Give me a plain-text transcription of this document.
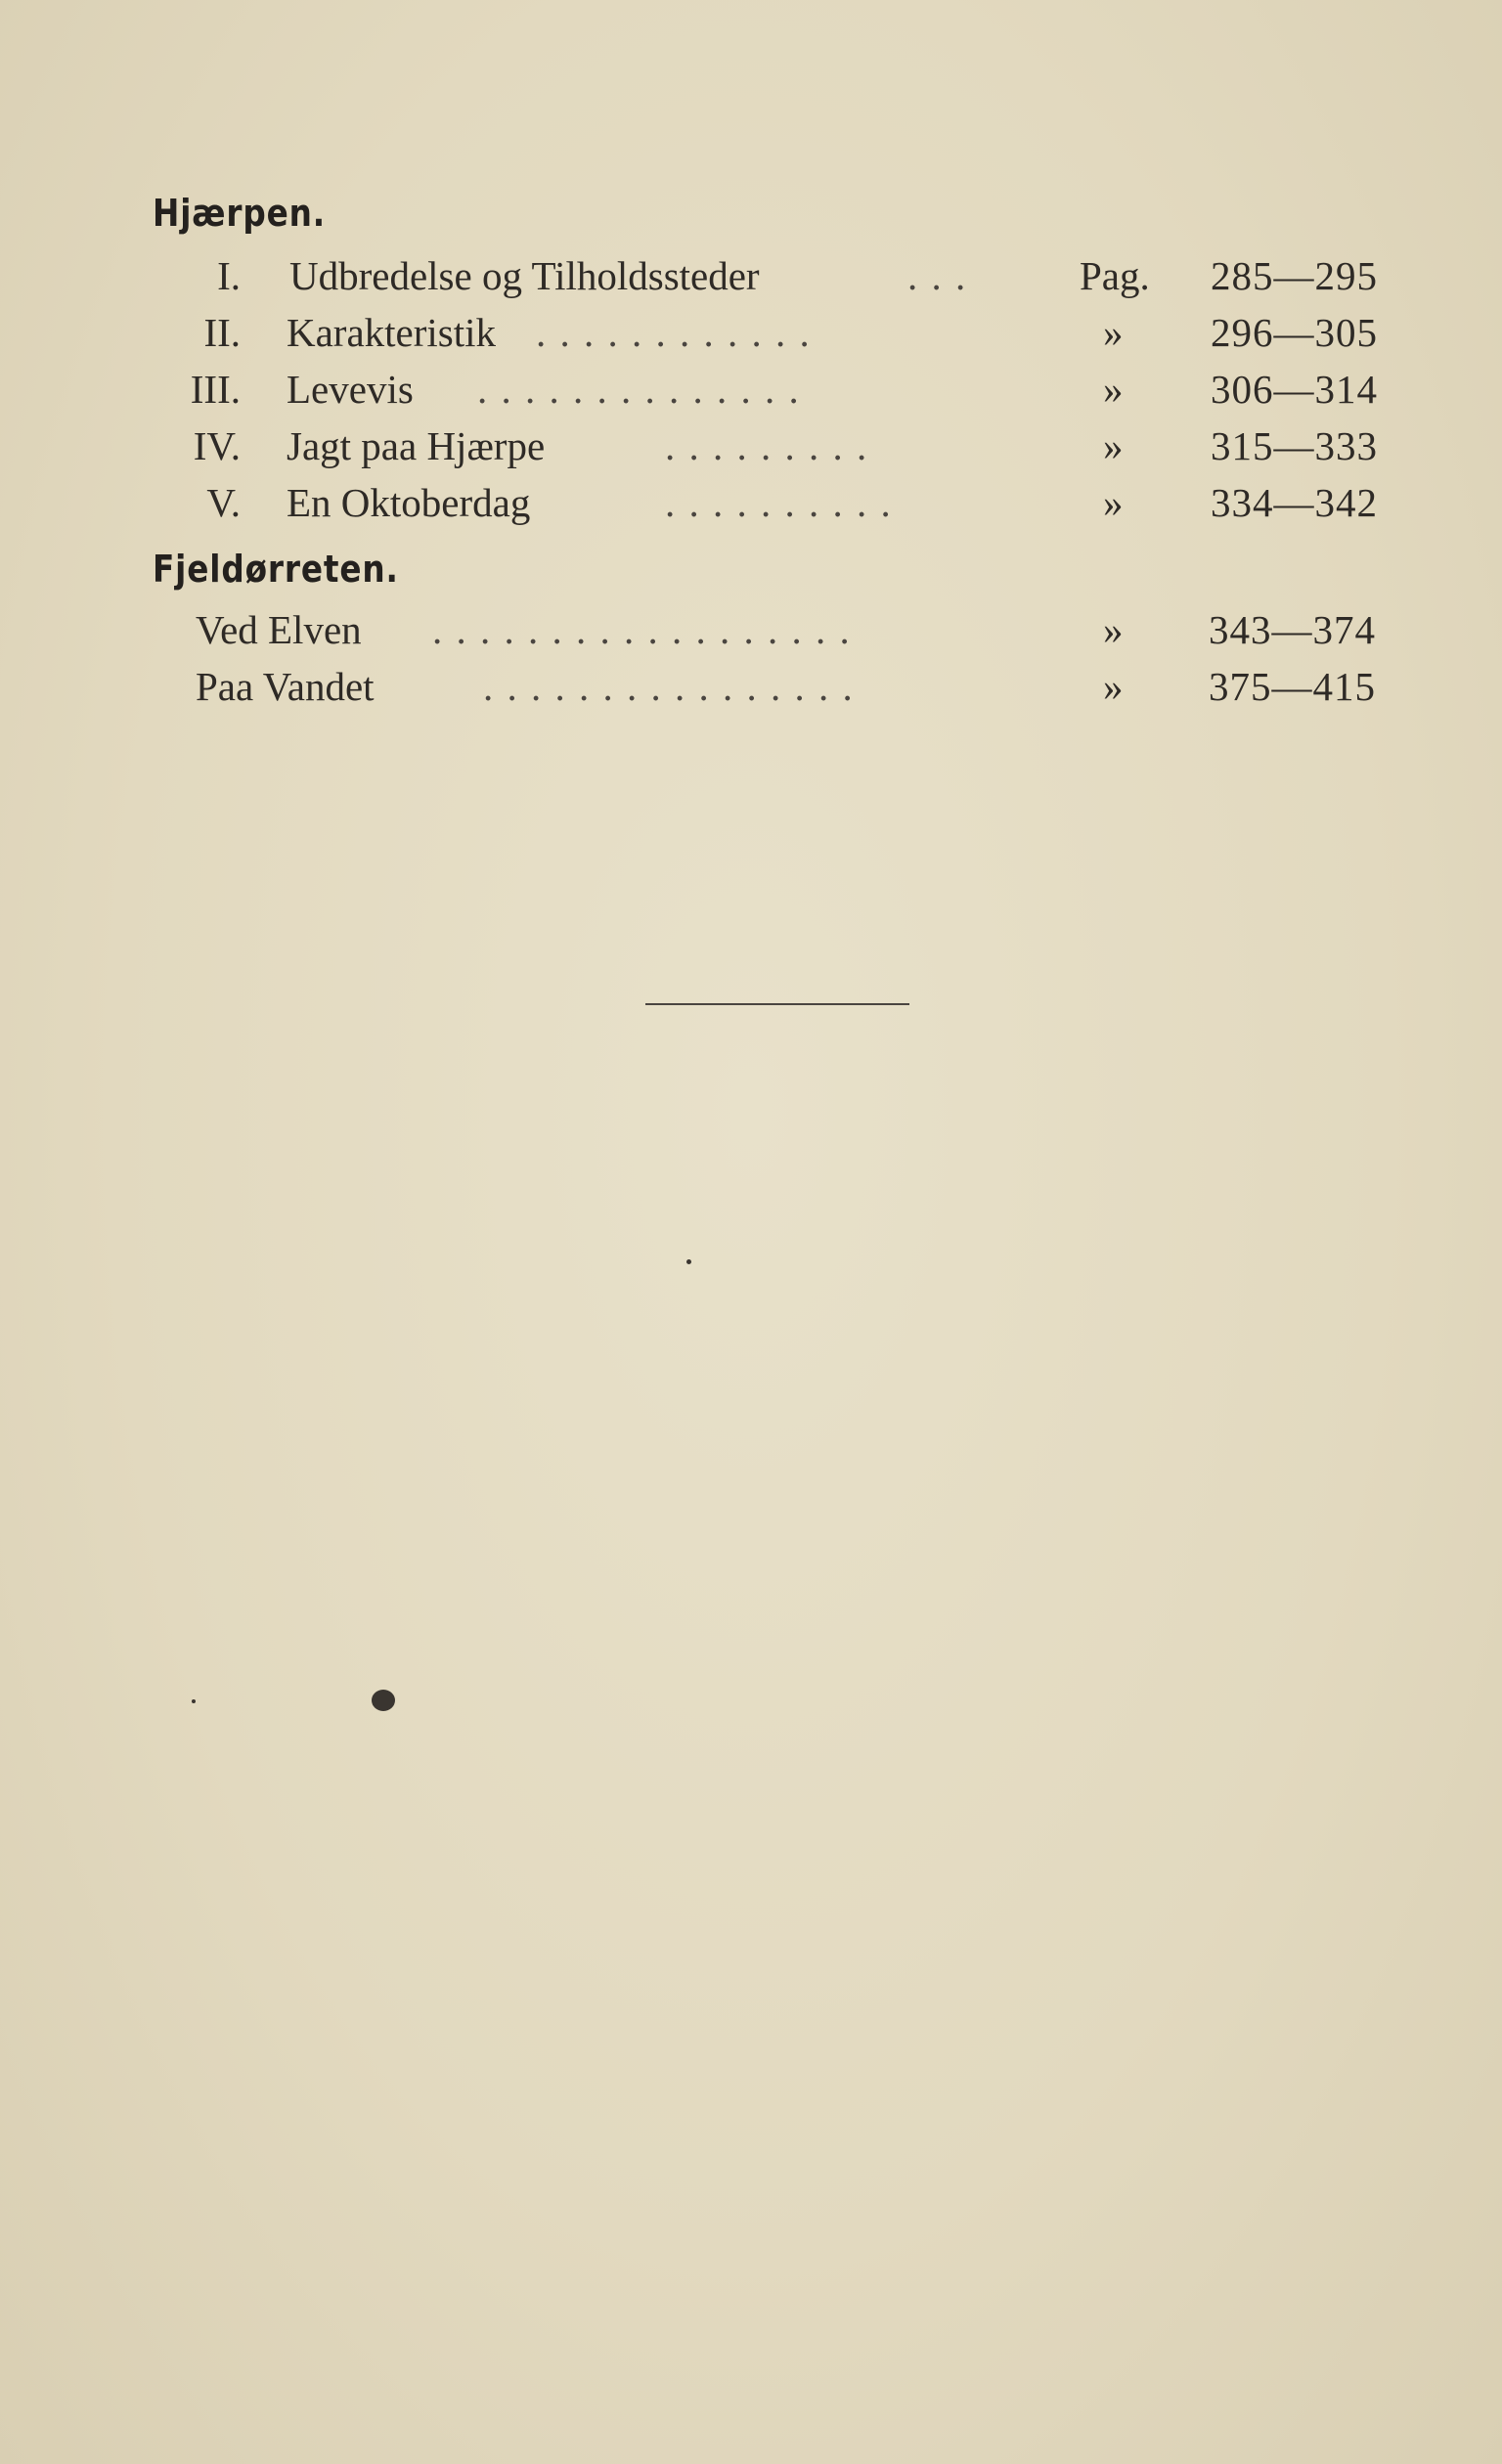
Hjærpen.
I. Udbredelse og Tilholdssteder	. . .	Pag. 285—295
II. Karakteristik . . . . . . . . . . . .	» 296—305
III. Levevis . . . . . . . . . . . . . .	» 306—314
IV. Jagt paa Hjærpe	. . . . . . . . .	» 315—333
V. En Oktoberdag	. . . . . . . . . .	» 334—342
Fjeldørreten.
Ved Elven . . . . . . . . . . . . . . . . . .	» 343—374
Paa Vandet	. . . . . . . . . . . . . . . .	» 375—415
